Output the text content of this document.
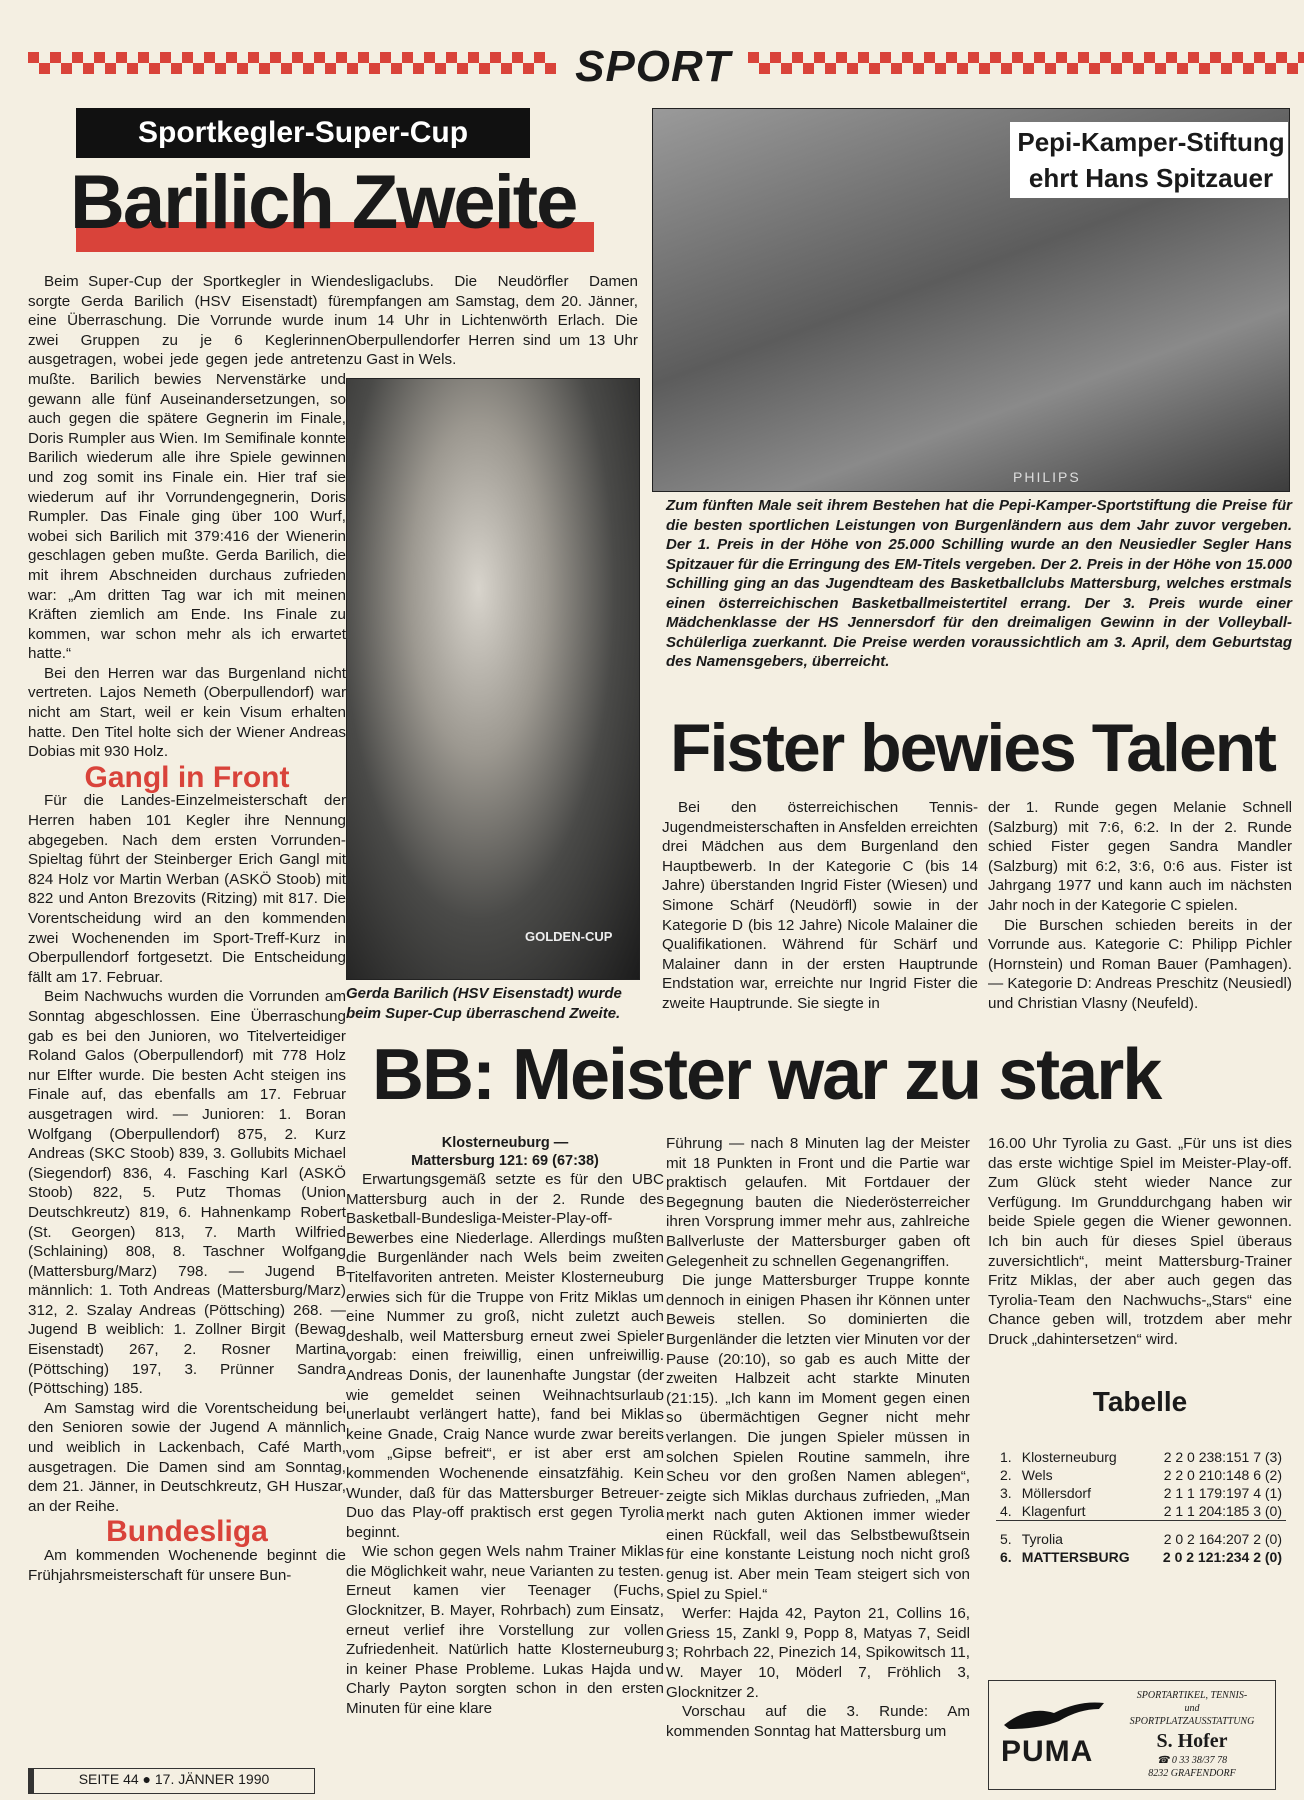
SPORT
Sportkegler-Super-Cup
Barilich Zweite

Beim Super-Cup der Sportkegler in Wien sorgte Gerda Barilich (HSV Eisenstadt) für eine Überraschung. Die Vorrunde wurde in zwei Gruppen zu je 6 Keglerinnen ausgetragen, wobei jede gegen jede antreten mußte. Barilich bewies Nervenstärke und gewann alle fünf Auseinandersetzungen, so auch gegen die spätere Gegnerin im Finale, Doris Rumpler aus Wien. Im Semifinale konnte Barilich wiederum alle ihre Spiele gewinnen und zog somit ins Finale ein. Hier traf sie wiederum auf ihr Vorrundengegnerin, Doris Rumpler. Das Finale ging über 100 Wurf, wobei sich Barilich mit 379:416 der Wienerin geschlagen geben mußte. Gerda Barilich, die mit ihrem Abschneiden durchaus zufrieden war: „Am dritten Tag war ich mit meinen Kräften ziemlich am Ende. Ins Finale zu kommen, war schon mehr als ich erwartet hatte.“

Bei den Herren war das Burgenland nicht vertreten. Lajos Nemeth (Oberpullendorf) war nicht am Start, weil er kein Visum erhalten hatte. Den Titel holte sich der Wiener Andreas Dobias mit 930 Holz.

Gangl in Front

Für die Landes-Einzelmeisterschaft der Herren haben 101 Kegler ihre Nennung abgegeben. Nach dem ersten Vorrunden-Spieltag führt der Steinberger Erich Gangl mit 824 Holz vor Martin Werban (ASKÖ Stoob) mit 822 und Anton Brezovits (Ritzing) mit 817. Die Vorentscheidung wird an den kommenden zwei Wochenenden im Sport-Treff-Kurz in Oberpullendorf fortgesetzt. Die Entscheidung fällt am 17. Februar.

Beim Nachwuchs wurden die Vorrunden am Sonntag abgeschlossen. Eine Überraschung gab es bei den Junioren, wo Titelverteidiger Roland Galos (Oberpullendorf) mit 778 Holz nur Elfter wurde. Die besten Acht steigen ins Finale auf, das ebenfalls am 17. Februar ausgetragen wird. — Junioren: 1. Boran Wolfgang (Oberpullendorf) 875, 2. Kurz Andreas (SKC Stoob) 839, 3. Gollubits Michael (Siegendorf) 836, 4. Fasching Karl (ASKÖ Stoob) 822, 5. Putz Thomas (Union Deutschkreutz) 819, 6. Hahnenkamp Robert (St. Georgen) 813, 7. Marth Wilfried (Schlaining) 808, 8. Taschner Wolfgang (Mattersburg/Marz) 798. — Jugend B männlich: 1. Toth Andreas (Mattersburg/Marz) 312, 2. Szalay Andreas (Pöttsching) 268. — Jugend B weiblich: 1. Zollner Birgit (Bewag Eisenstadt) 267, 2. Rosner Martina (Pöttsching) 197, 3. Prünner Sandra (Pöttsching) 185.

Am Samstag wird die Vorentscheidung bei den Senioren sowie der Jugend A männlich und weiblich in Lackenbach, Café Marth, ausgetragen. Die Damen sind am Sonntag, dem 21. Jänner, in Deutschkreutz, GH Huszar, an der Reihe.

Bundesliga

Am kommenden Wochenende beginnt die Frühjahrsmeisterschaft für unsere Bun-

desligaclubs. Die Neudörfler Damen empfangen am Samstag, dem 20. Jänner, um 14 Uhr in Lichtenwörth Erlach. Die Oberpullendorfer Herren sind um 13 Uhr zu Gast in Wels.

GOLDEN-CUP
Gerda Barilich (HSV Eisenstadt) wurde beim Super-Cup überraschend Zweite.
PHILIPS
Pepi-Kamper-Stiftung ehrt Hans Spitzauer
Zum fünften Male seit ihrem Bestehen hat die Pepi-Kamper-Sportstiftung die Preise für die besten sportlichen Leistungen von Burgenländern aus dem Jahr zuvor vergeben. Der 1. Preis in der Höhe von 25.000 Schilling wurde an den Neusiedler Segler Hans Spitzauer für die Erringung des EM-Titels vergeben. Der 2. Preis in der Höhe von 15.000 Schilling ging an das Jugendteam des Basketballclubs Mattersburg, welches erstmals einen österreichischen Basketballmeistertitel errang. Der 3. Preis wurde einer Mädchenklasse der HS Jennersdorf für den dreimaligen Gewinn in der Volleyball-Schülerliga zuerkannt. Die Preise werden voraussichtlich am 3. April, dem Geburtstag des Namensgebers, überreicht.
Fister bewies Talent

Bei den österreichischen Tennis-Jugendmeisterschaften in Ansfelden erreichten drei Mädchen aus dem Burgenland den Hauptbewerb. In der Kategorie C (bis 14 Jahre) überstanden Ingrid Fister (Wiesen) und Simone Schärf (Neudörfl) sowie in der Kategorie D (bis 12 Jahre) Nicole Malainer die Qualifikationen. Während für Schärf und Malainer dann in der ersten Hauptrunde Endstation war, erreichte nur Ingrid Fister die zweite Hauptrunde. Sie siegte in

der 1. Runde gegen Melanie Schnell (Salzburg) mit 7:6, 6:2. In der 2. Runde schied Fister gegen Sandra Mandler (Salzburg) mit 6:2, 3:6, 0:6 aus. Fister ist Jahrgang 1977 und kann auch im nächsten Jahr noch in der Kategorie C spielen.

Die Burschen schieden bereits in der Vorrunde aus. Kategorie C: Philipp Pichler (Hornstein) und Roman Bauer (Pamhagen). — Kategorie D: Andreas Preschitz (Neusiedl) und Christian Vlasny (Neufeld).

BB: Meister war zu stark
Klosterneuburg —
Mattersburg 121: 69 (67:38)

Erwartungsgemäß setzte es für den UBC Mattersburg auch in der 2. Runde des Basketball-Bundesliga-Meister-Play-off-Bewerbes eine Niederlage. Allerdings mußten die Burgenländer nach Wels beim zweiten Titelfavoriten antreten. Meister Klosterneuburg erwies sich für die Truppe von Fritz Miklas um eine Nummer zu groß, nicht zuletzt auch deshalb, weil Mattersburg erneut zwei Spieler vorgab: einen freiwillig, einen unfreiwillig. Andreas Donis, der launenhafte Jungstar (der wie gemeldet seinen Weihnachtsurlaub unerlaubt verlängert hatte), fand bei Miklas keine Gnade, Craig Nance wurde zwar bereits vom „Gipse befreit“, er ist aber erst am kommenden Wochenende einsatzfähig. Kein Wunder, daß für das Mattersburger Betreuer-Duo das Play-off praktisch erst gegen Tyrolia beginnt.

Wie schon gegen Wels nahm Trainer Miklas die Möglichkeit wahr, neue Varianten zu testen. Erneut kamen vier Teenager (Fuchs, Glocknitzer, B. Mayer, Rohrbach) zum Einsatz, erneut verlief ihre Vorstellung zur vollen Zufriedenheit. Natürlich hatte Klosterneuburg in keiner Phase Probleme. Lukas Hajda und Charly Payton sorgten schon in den ersten Minuten für eine klare

Führung — nach 8 Minuten lag der Meister mit 18 Punkten in Front und die Partie war praktisch gelaufen. Mit Fortdauer der Begegnung bauten die Niederösterreicher ihren Vorsprung immer mehr aus, zahlreiche Ballverluste der Mattersburger gaben oft Gelegenheit zu schnellen Gegenangriffen.

Die junge Mattersburger Truppe konnte dennoch in einigen Phasen ihr Können unter Beweis stellen. So dominierten die Burgenländer die letzten vier Minuten vor der Pause (20:10), so gab es auch Mitte der zweiten Halbzeit acht starkte Minuten (21:15). „Ich kann im Moment gegen einen so übermächtigen Gegner nicht mehr verlangen. Die jungen Spieler müssen in solchen Spielen Routine sammeln, ihre Scheu vor den großen Namen ablegen“, zeigte sich Miklas durchaus zufrieden, „Man merkt nach guten Aktionen immer wieder einen Rückfall, weil das Selbstbewußtsein für eine konstante Leistung noch nicht groß genug ist. Aber mein Team steigert sich von Spiel zu Spiel.“

Werfer: Hajda 42, Payton 21, Collins 16, Griess 15, Zankl 9, Popp 8, Matyas 7, Seidl 3; Rohrbach 22, Pinezich 14, Spikowitsch 11, W. Mayer 10, Möderl 7, Fröhlich 3, Glocknitzer 2.

Vorschau auf die 3. Runde: Am kommenden Sonntag hat Mattersburg um

16.00 Uhr Tyrolia zu Gast. „Für uns ist dies das erste wichtige Spiel im Meister-Play-off. Zum Glück steht wieder Nance zur Verfügung. Im Grunddurchgang haben wir beide Spiele gegen die Wiener gewonnen. Ich bin auch für dieses Spiel überaus zuversichtlich“, meint Mattersburg-Trainer Fritz Miklas, der aber auch gegen das Tyrolia-Team den Nachwuchs-„Stars“ eine Chance geben will, trotzdem aber mehr Druck „dahintersetzen“ wird.

Tabelle
1.	Klosterneuburg	2 2 0 238:151 7 (3)
2.	Wels	2 2 0 210:148 6 (2)
3.	Möllersdorf	2 1 1 179:197 4 (1)
4.	Klagenfurt	2 1 1 204:185 3 (0)
5.	Tyrolia	2 0 2 164:207 2 (0)
6.	MATTERSBURG	2 0 2 121:234 2 (0)
PUMA
SPORTARTIKEL, TENNIS-
und
SPORTPLATZAUSSTATTUNG
S. Hofer
☎ 0 33 38/37 78
8232 GRAFENDORF
SEITE 44 ● 17. JÄNNER 1990
